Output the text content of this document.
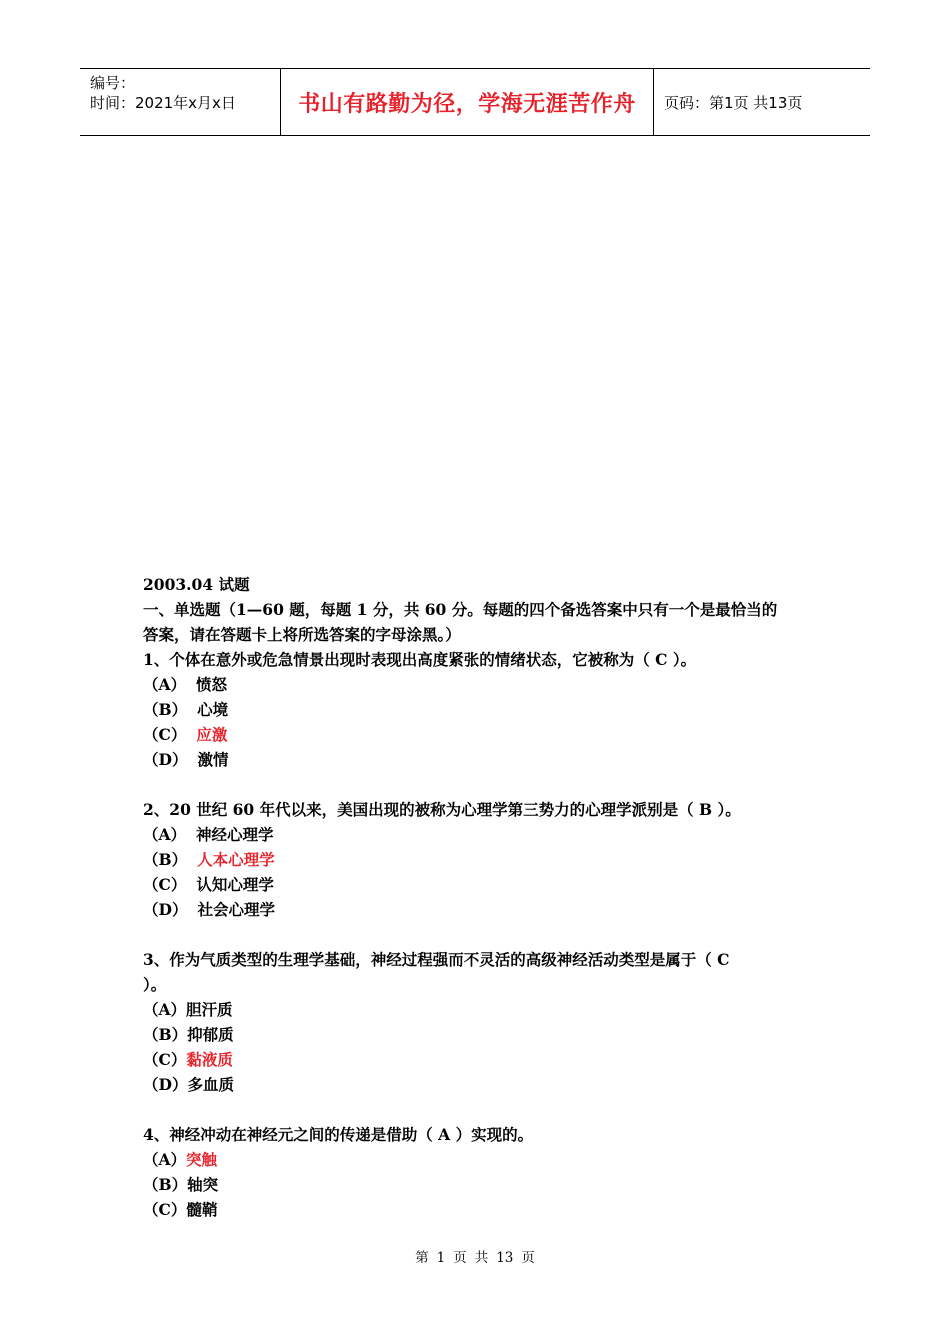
编号：
时间：2021年x月x日	书山有路勤为径，学海无涯苦作舟	页码：第1页 共13页
2003.04 试题
一、单选题（1—60 题，每题 1 分，共 60 分。每题的四个备选答案中只有一个是最恰当的
答案，请在答题卡上将所选答案的字母涂黑。）
1、个体在意外或危急情景出现时表现出高度紧张的情绪状态，它被称为（ C ）。
（A） 愤怒
（B） 心境
（C） 应激
（D） 激情
2、20 世纪 60 年代以来，美国出现的被称为心理学第三势力的心理学派别是（ B ）。
（A） 神经心理学
（B） 人本心理学
（C） 认知心理学
（D） 社会心理学
3、作为气质类型的生理学基础，神经过程强而不灵活的高级神经活动类型是属于（ C
）。
（A）胆汗质
（B）抑郁质
（C）黏液质
（D）多血质
4、神经冲动在神经元之间的传递是借助（ A ）实现的。
（A）突触
（B）轴突
（C）髓鞘
第 1 页 共 13 页
